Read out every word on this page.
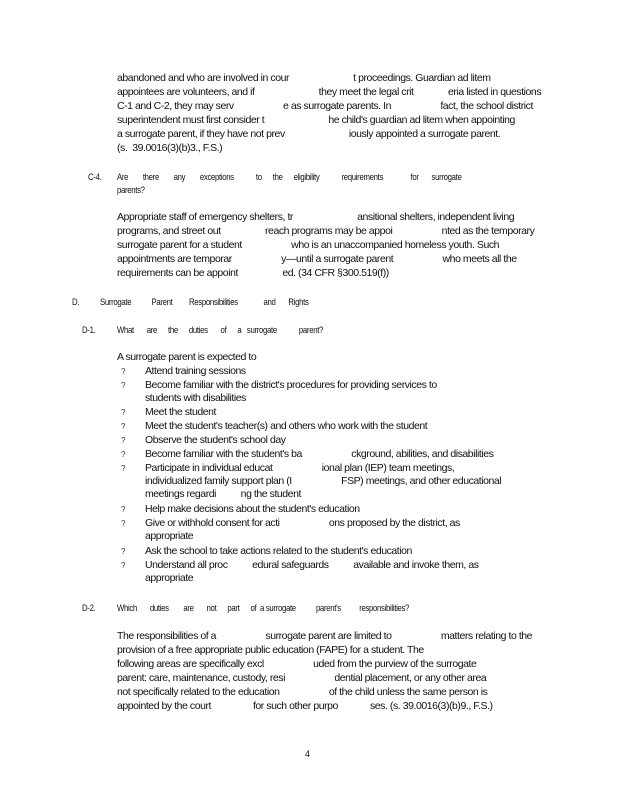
abandoned and who are involved in cour                          t proceedings. Guardian ad litem
appointees are volunteers, and if                          they meet the legal crit              eria listed in questions
C-1 and C-2, they may serv                    e as surrogate parents. In                    fact, the school district
superintendent must first consider t                          he child's guardian ad litem when appointing
a surrogate parent, if they have not prev                          iously appointed a surrogate parent.
(s.  39.0016(3)(b)3., F.S.)
C-4. Are        there        any        exceptions            to      the      eligibility            requirements               for       surrogate
parents?
Appropriate staff of emergency shelters, tr                          ansitional shelters, independent living
programs, and street out                  reach programs may be appoi                    nted as the temporary
surrogate parent for a student                    who is an unaccompanied homeless youth. Such
appointments are temporar                    y—until a surrogate parent                    who meets all the
requirements can be appoint                  ed. (34 CFR §300.519(f))
D. Surrogate           Parent         Responsibilities              and       Rights
D-1. What       are      the      duties       of      a   surrogate            parent?
A surrogate parent is expected to
? Attend training sessions
? Become familiar with the district's procedures for providing services to
students with disabilities
? Meet the student
? Meet the student's teacher(s) and others who work with the student
? Observe the student's school day
? Become familiar with the student's ba                    ckground, abilities, and disabilities
? Participate in individual educat                    ional plan (IEP) team meetings,
individualized family support plan (I                    FSP) meetings, and other educational
meetings regardi          ng the student
? Help make decisions about the student's education
? Give or withhold consent for acti                    ons proposed by the district, as
appropriate
? Ask the school to take actions related to the student's education
? Understand all proc          edural safeguards          available and invoke them, as
appropriate
D-2. Which       duties        are       not      part      of  a surrogate           parent's          responsibilities?
The responsibilities of a                    surrogate parent are limited to                    matters relating to the
provision of a free appropriate public education (FAPE) for a student. The
following areas are specifically excl                    uded from the purview of the surrogate
parent: care, maintenance, custody, resi                    dential placement, or any other area
not specifically related to the education                    of the child unless the same person is
appointed by the court                 for such other purpo             ses. (s. 39.0016(3)(b)9., F.S.)
4
